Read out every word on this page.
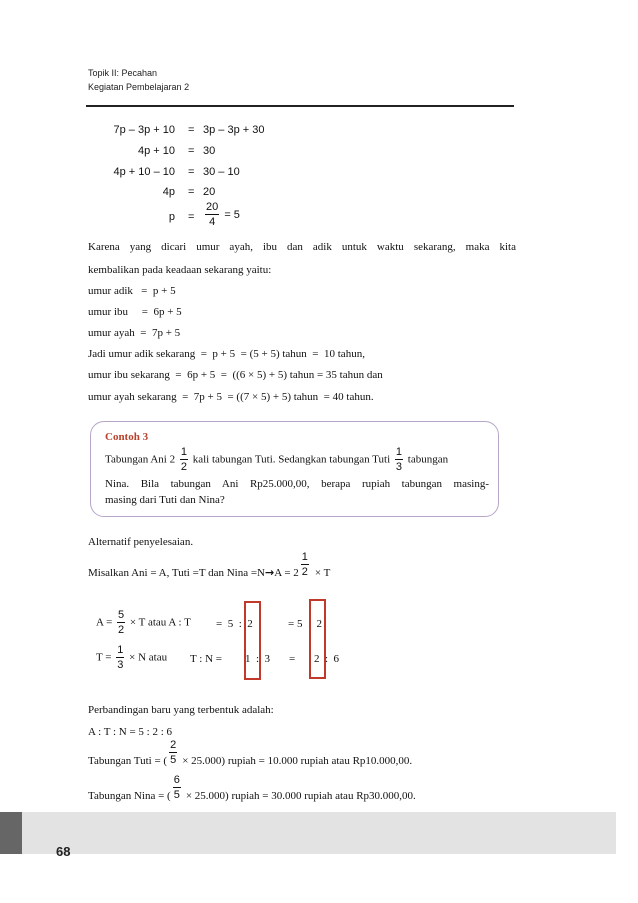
Topik II: Pecahan
Kegiatan Pembelajaran 2
7p – 3p + 10 = 3p – 3p + 30
4p + 10 = 30
4p + 10 – 10 = 30 – 10
4p = 20
$p = \frac{20}{4} = 5$
Karena yang dicari umur ayah, ibu dan adik untuk waktu sekarang, maka kita
kembalikan pada keadaan sekarang yaitu:
umur adik   =  p + 5
umur ibu     =  6p + 5
umur ayah  =  7p + 5
Jadi umur adik sekarang  =  p + 5  = (5 + 5) tahun  =  10 tahun,
umur ibu sekarang  =  6p + 5  =  ((6 × 5) + 5) tahun = 35 tahun dan
umur ayah sekarang  =  7p + 5  = ((7 × 5) + 5) tahun  = 40 tahun.
Contoh 3
Tabungan Ani $2 \frac{1}{2}$ kali tabungan Tuti. Sedangkan tabungan Tuti $\frac{1}{3}$ tabungan
Nina. Bila tabungan Ani Rp25.000,00, berapa rupiah tabungan masing-
masing dari Tuti dan Nina?
Alternatif penyelesaian.
Misalkan Ani = A, Tuti =T dan Nina $=N\to A = 2 \frac{1}{2} \times T$
$A = \frac{5}{2} \times T$ atau A : T =  5  :  2	= 5  :  2
$T = \frac{1}{3} \times N$ atau T : N = 1  :  3 = 2  :  6
Perbandingan baru yang terbentuk adalah:
A : T : N = 5 : 2 : 6
Tabungan Tuti = ( $\frac{2}{5} \times 25.000$) rupiah = 10.000 rupiah atau Rp10.000,00.
Tabungan Nina = ( $\frac{6}{5} \times 25.000$) rupiah = 30.000 rupiah atau Rp30.000,00.
68
